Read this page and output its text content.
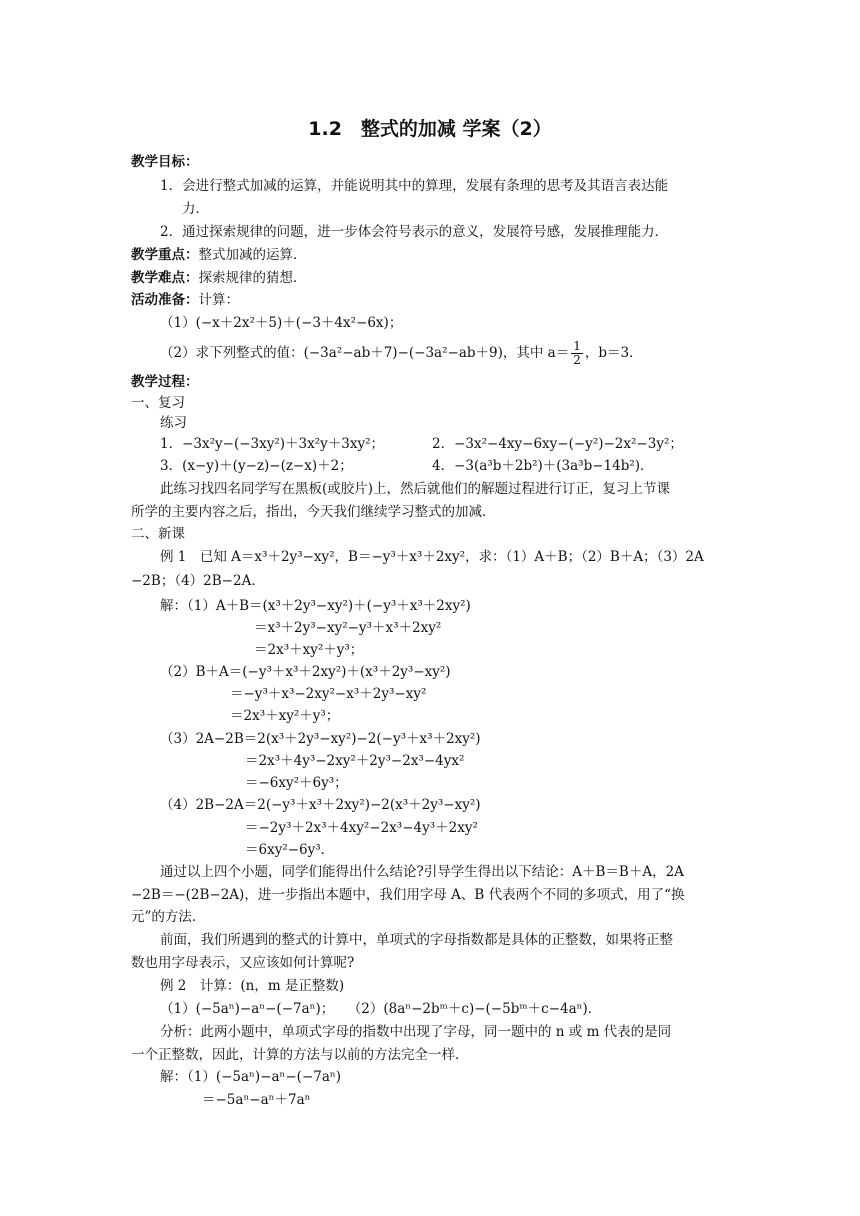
1.2　整式的加减 学案（2）
教学目标：
1．会进行整式加减的运算，并能说明其中的算理，发展有条理的思考及其语言表达能
力．
2．通过探索规律的问题，进一步体会符号表示的意义，发展符号感，发展推理能力．
教学重点：整式加减的运算．
教学难点：探索规律的猜想．
活动准备：计算：
（1）(−x＋2x²＋5)＋(−3＋4x²−6x)；
（2）求下列整式的值：(−3a²−ab＋7)−(−3a²−ab＋9)，其中 $a= \frac{1}{2}$ ，b＝3．
教学过程：
一、复习
练习
1．−3x²y−(−3xy²)＋3x²y＋3xy²；	2．−3x²−4xy−6xy−(−y²)−2x²−3y²；
3．(x−y)＋(y−z)−(z−x)＋2；	4．−3(a³b＋2b²)＋(3a³b−14b²)．
此练习找四名同学写在黑板(或胶片)上，然后就他们的解题过程进行订正，复习上节课
所学的主要内容之后，指出，今天我们继续学习整式的加减．
二、新课
例 1　已知 A＝x³＋2y³−xy²，B＝−y³＋x³＋2xy²，求：（1）A＋B；（2）B＋A；（3）2A
−2B；（4）2B−2A．
解：（1）A＋B＝(x³＋2y³−xy²)＋(−y³＋x³＋2xy²)
＝x³＋2y³−xy²−y³＋x³＋2xy²
＝2x³＋xy²＋y³；
（2）B＋A＝(−y³＋x³＋2xy²)＋(x³＋2y³−xy²)
＝−y³＋x³−2xy²−x³＋2y³−xy²
＝2x³＋xy²＋y³；
（3）2A−2B＝2(x³＋2y³−xy²)−2(−y³＋x³＋2xy²)
＝2x³＋4y³−2xy²＋2y³−2x³−4yx²
＝−6xy²＋6y³；
（4）2B−2A＝2(−y³＋x³＋2xy²)−2(x³＋2y³−xy²)
＝−2y³＋2x³＋4xy²−2x³−4y³＋2xy²
＝6xy²−6y³．
通过以上四个小题，同学们能得出什么结论?引导学生得出以下结论：A＋B＝B＋A，2A
−2B＝−(2B−2A)，进一步指出本题中，我们用字母 A、B 代表两个不同的多项式，用了“换
元”的方法．
前面，我们所遇到的整式的计算中，单项式的字母指数都是具体的正整数，如果将正整
数也用字母表示，又应该如何计算呢?
例 2　计算：(n，m 是正整数)
（1）(−5aⁿ)−aⁿ−(−7aⁿ)；　　（2）(8aⁿ−2bᵐ＋c)−(−5bᵐ＋c−4aⁿ)．
分析：此两小题中，单项式字母的指数中出现了字母，同一题中的 n 或 m 代表的是同
一个正整数，因此，计算的方法与以前的方法完全一样．
解：（1）(−5aⁿ)−aⁿ−(−7aⁿ)
＝−5aⁿ−aⁿ＋7aⁿ
